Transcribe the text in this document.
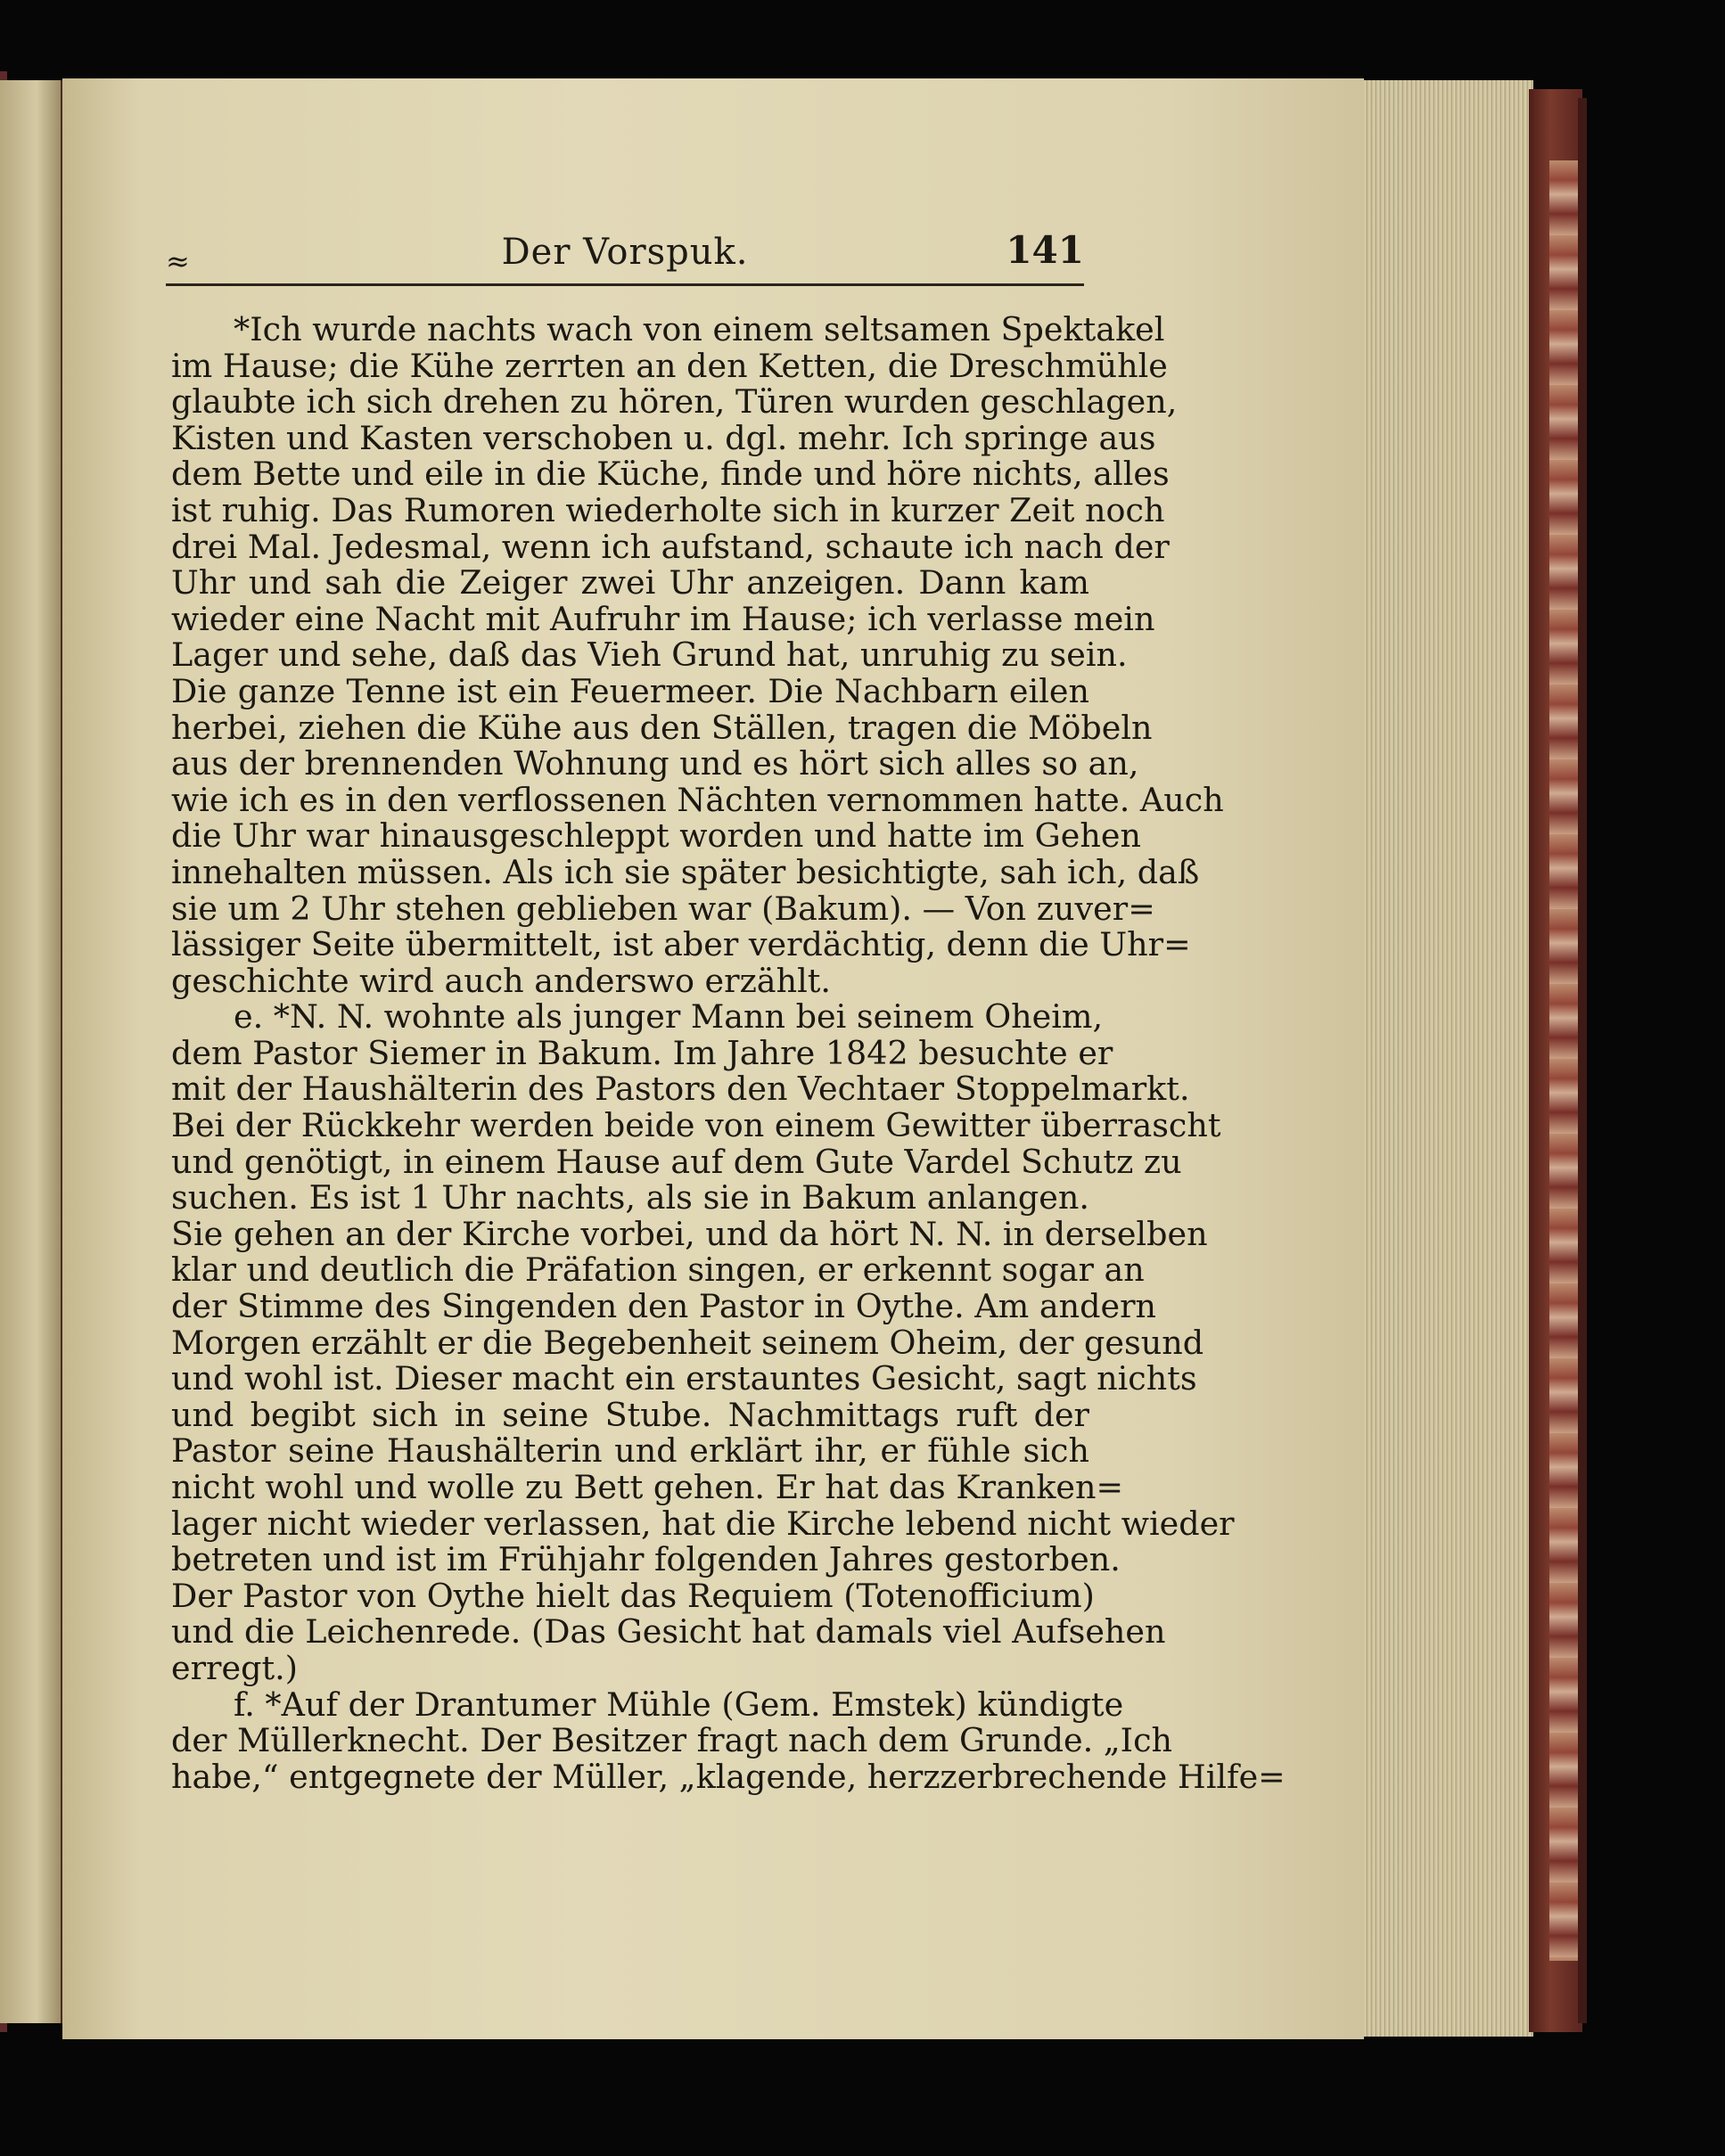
≈	Der Vorspuk.	141
*Ich wurde nachts wach von einem seltsamen Spektakel
im Hause; die Kühe zerrten an den Ketten, die Dreschmühle
glaubte ich sich drehen zu hören, Türen wurden geschlagen,
Kisten und Kasten verschoben u. dgl. mehr. Ich springe aus
dem Bette und eile in die Küche, finde und höre nichts, alles
ist ruhig. Das Rumoren wiederholte sich in kurzer Zeit noch
drei Mal. Jedesmal, wenn ich aufstand, schaute ich nach der
Uhr und sah die Zeiger zwei Uhr anzeigen. Dann kam
wieder eine Nacht mit Aufruhr im Hause; ich verlasse mein
Lager und sehe, daß das Vieh Grund hat, unruhig zu sein.
Die ganze Tenne ist ein Feuermeer. Die Nachbarn eilen
herbei, ziehen die Kühe aus den Ställen, tragen die Möbeln
aus der brennenden Wohnung und es hört sich alles so an,
wie ich es in den verflossenen Nächten vernommen hatte. Auch
die Uhr war hinausgeschleppt worden und hatte im Gehen
innehalten müssen. Als ich sie später besichtigte, sah ich, daß
sie um 2 Uhr stehen geblieben war (Bakum). — Von zuver=
lässiger Seite übermittelt, ist aber verdächtig, denn die Uhr=
geschichte wird auch anderswo erzählt.
e. *N. N. wohnte als junger Mann bei seinem Oheim,
dem Pastor Siemer in Bakum. Im Jahre 1842 besuchte er
mit der Haushälterin des Pastors den Vechtaer Stoppelmarkt.
Bei der Rückkehr werden beide von einem Gewitter überrascht
und genötigt, in einem Hause auf dem Gute Vardel Schutz zu
suchen. Es ist 1 Uhr nachts, als sie in Bakum anlangen.
Sie gehen an der Kirche vorbei, und da hört N. N. in derselben
klar und deutlich die Präfation singen, er erkennt sogar an
der Stimme des Singenden den Pastor in Oythe. Am andern
Morgen erzählt er die Begebenheit seinem Oheim, der gesund
und wohl ist. Dieser macht ein erstauntes Gesicht, sagt nichts
und begibt sich in seine Stube. Nachmittags ruft der
Pastor seine Haushälterin und erklärt ihr, er fühle sich
nicht wohl und wolle zu Bett gehen. Er hat das Kranken=
lager nicht wieder verlassen, hat die Kirche lebend nicht wieder
betreten und ist im Frühjahr folgenden Jahres gestorben.
Der Pastor von Oythe hielt das Requiem (Totenofficium)
und die Leichenrede. (Das Gesicht hat damals viel Aufsehen
erregt.)
f. *Auf der Drantumer Mühle (Gem. Emstek) kündigte
der Müllerknecht. Der Besitzer fragt nach dem Grunde. „Ich
habe,“ entgegnete der Müller, „klagende, herzzerbrechende Hilfe=
